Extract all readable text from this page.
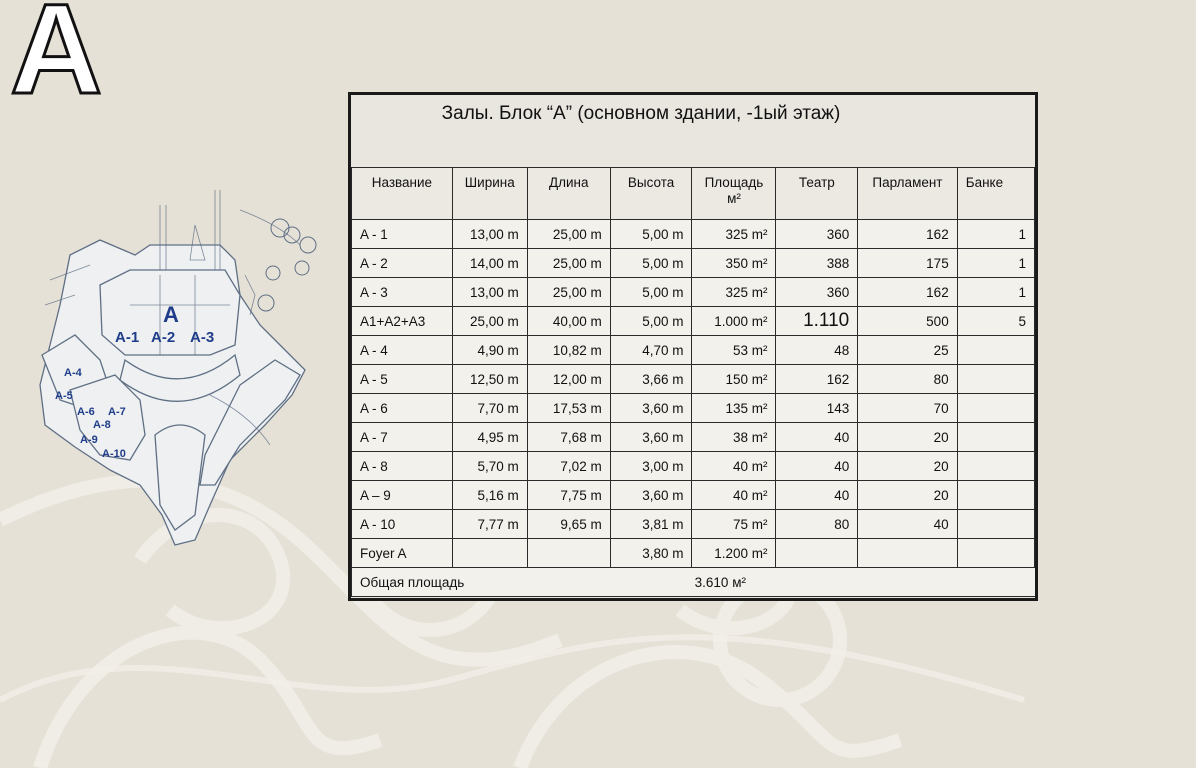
A
A
A-1 A-2 A-3
A-4
A-5
A-6 A-7
A-8
A-9
A-10
Залы. Блок “A” (основном здании, -1ый этаж)
Название	Ширина	Длина	Высота	Площадь м²	Театр	Парламент	Банке
A - 1	13,00 m	25,00 m	5,00 m	325 m²	360	162	1
A - 2	14,00 m	25,00 m	5,00 m	350 m²	388	175	1
A - 3	13,00 m	25,00 m	5,00 m	325 m²	360	162	1
A1+A2+A3	25,00 m	40,00 m	5,00 m	1.000 m²	1.110	500	5
A - 4	4,90 m	10,82 m	4,70 m	53 m²	48	25	
A - 5	12,50 m	12,00 m	3,66 m	150 m²	162	80	
A - 6	7,70 m	17,53 m	3,60 m	135 m²	143	70	
A - 7	4,95 m	7,68 m	3,60 m	38 m²	40	20	
A - 8	5,70 m	7,02 m	3,00 m	40 m²	40	20	
A – 9	5,16 m	7,75 m	3,60 m	40 m²	40	20	
A - 10	7,77 m	9,65 m	3,81 m	75 m²	80	40	
Foyer A			3,80 m	1.200 m²			
Общая площадь			3.610 м²				
